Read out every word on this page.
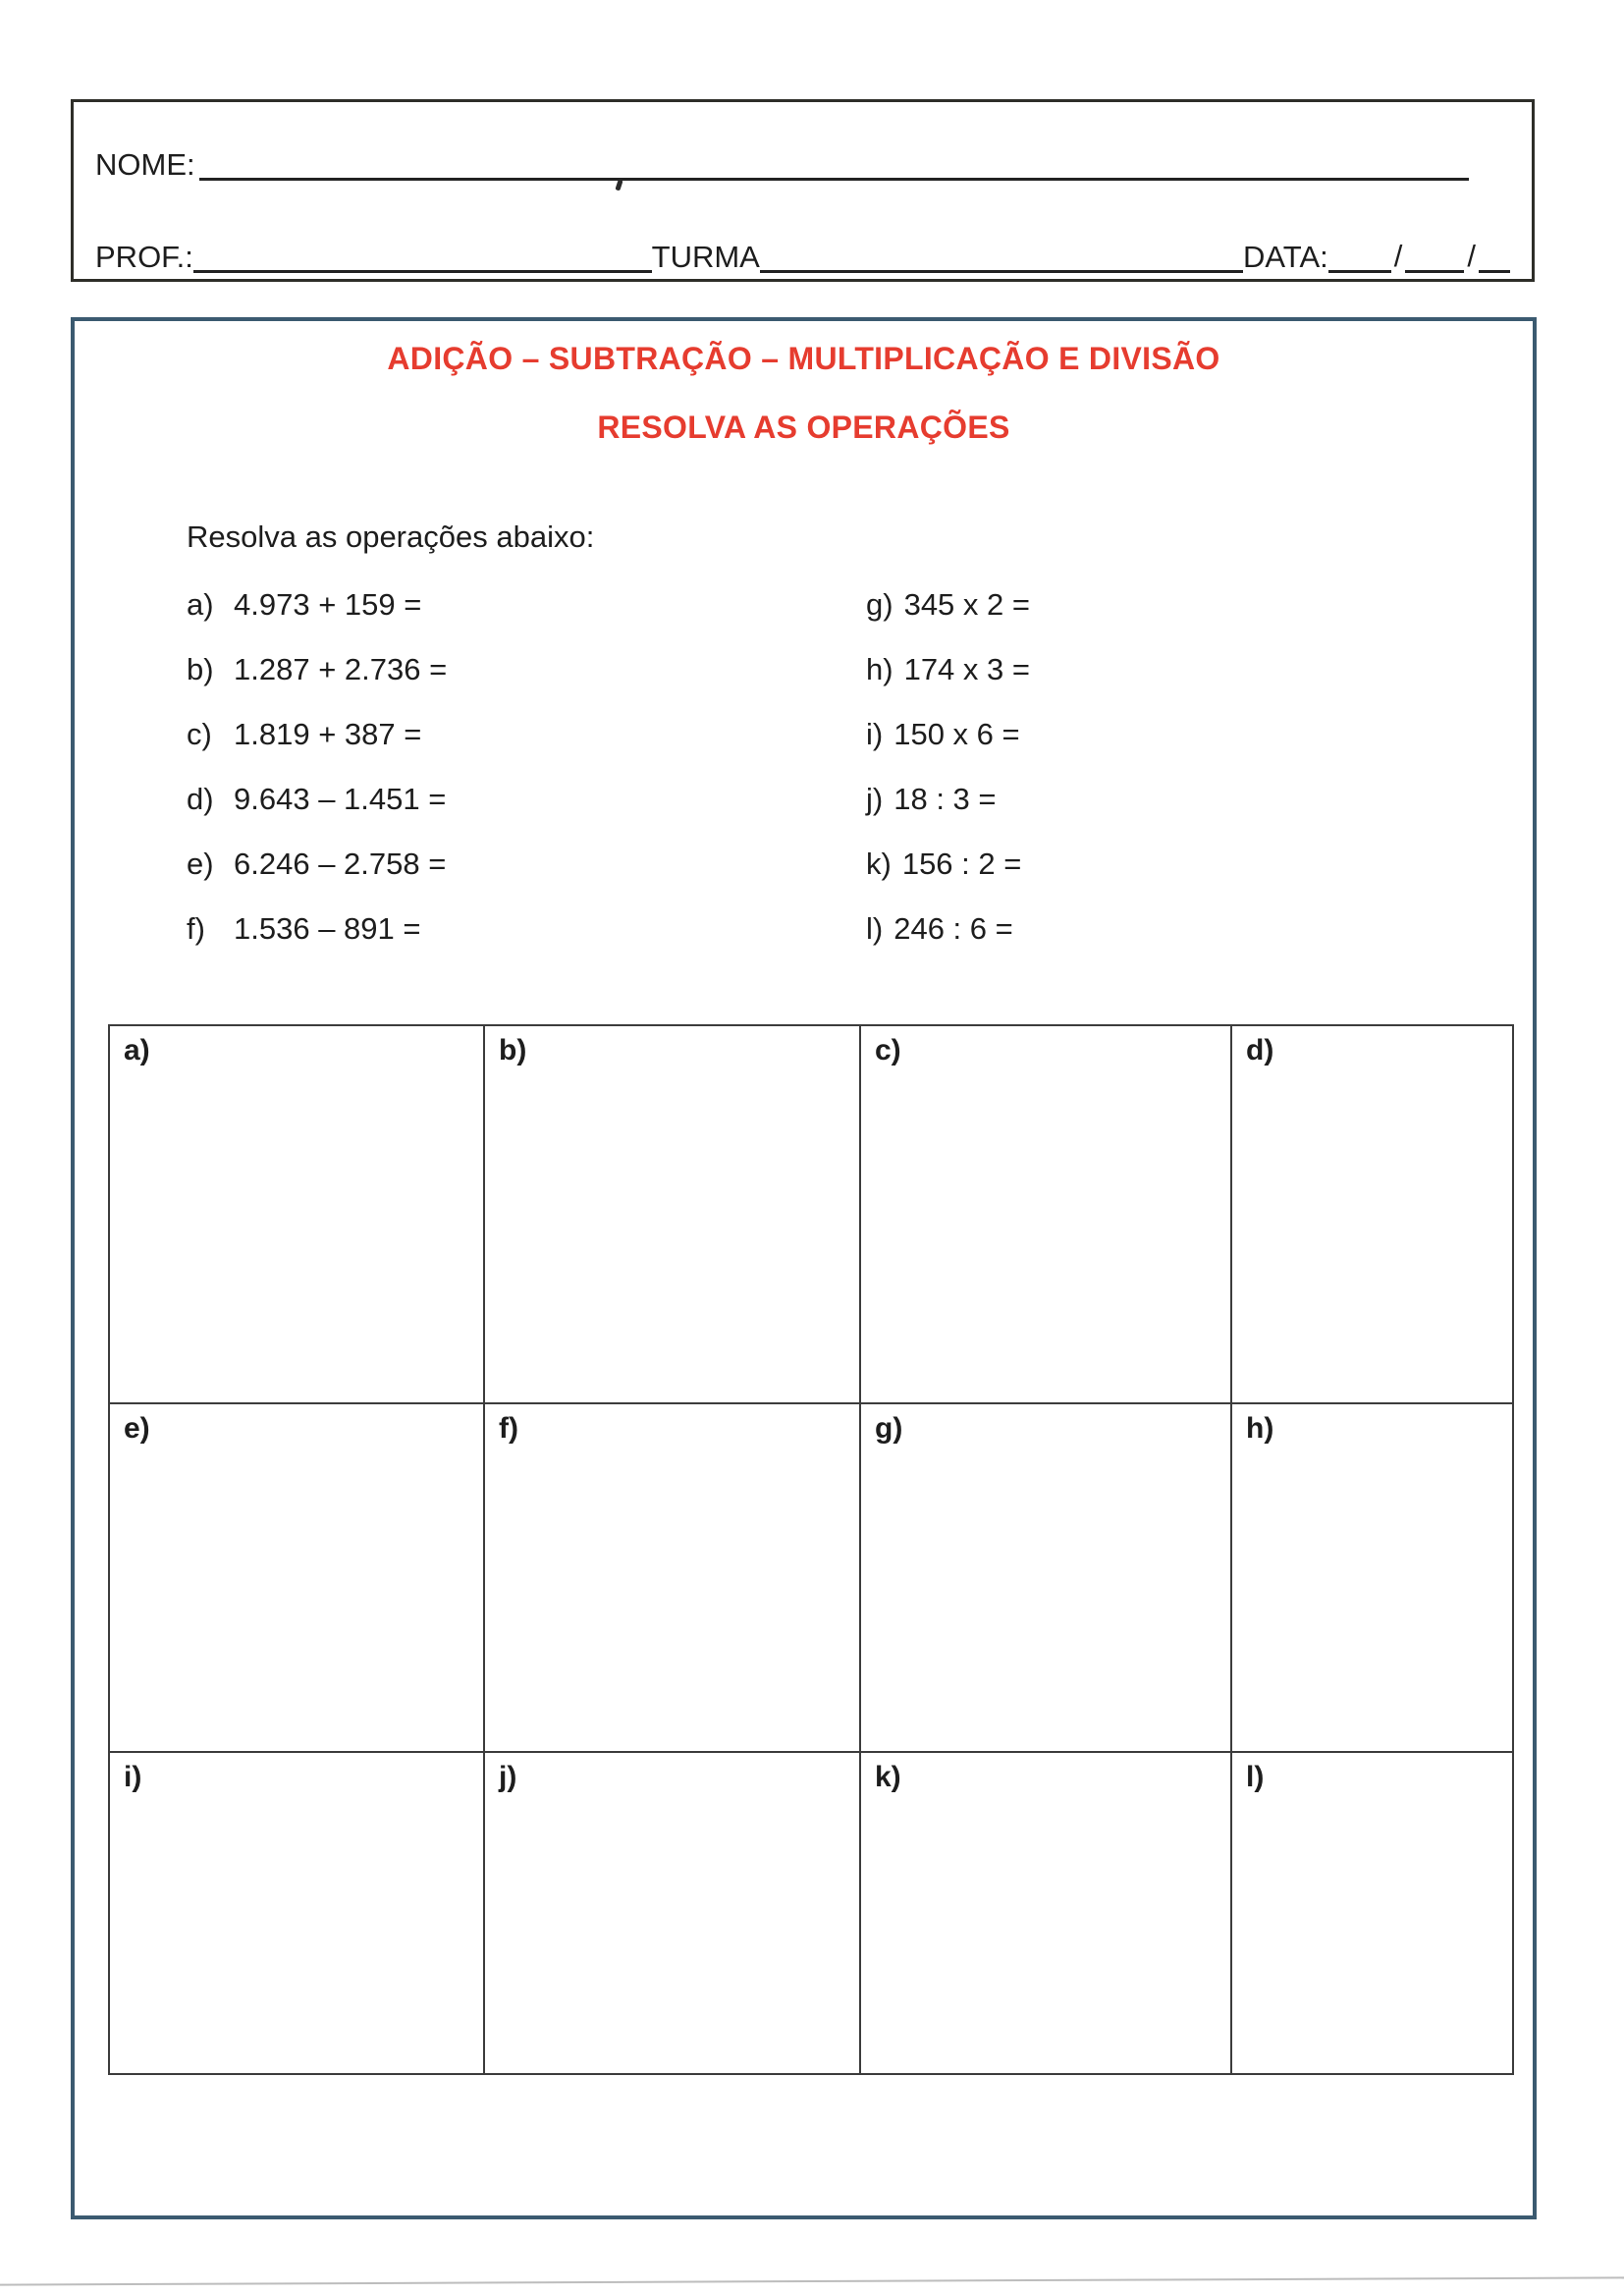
NOME:
PROF.:	TURMA	DATA: / /
ADIÇÃO – SUBTRAÇÃO – MULTIPLICAÇÃO E DIVISÃO
RESOLVA AS OPERAÇÕES
Resolva as operações abaixo:
a) 4.973 + 159 =
b) 1.287 + 2.736 =
c) 1.819 + 387 =
d) 9.643 – 1.451 =
e) 6.246 – 2.758 =
f) 1.536 – 891 =
g) 345 x 2 =
h) 174 x 3 =
i) 150 x 6 =
j) 18 : 3 =
k) 156 : 2 =
l) 246 : 6 =
a)	b)	c)	d)
e)	f)	g)	h)
i)	j)	k)	l)
